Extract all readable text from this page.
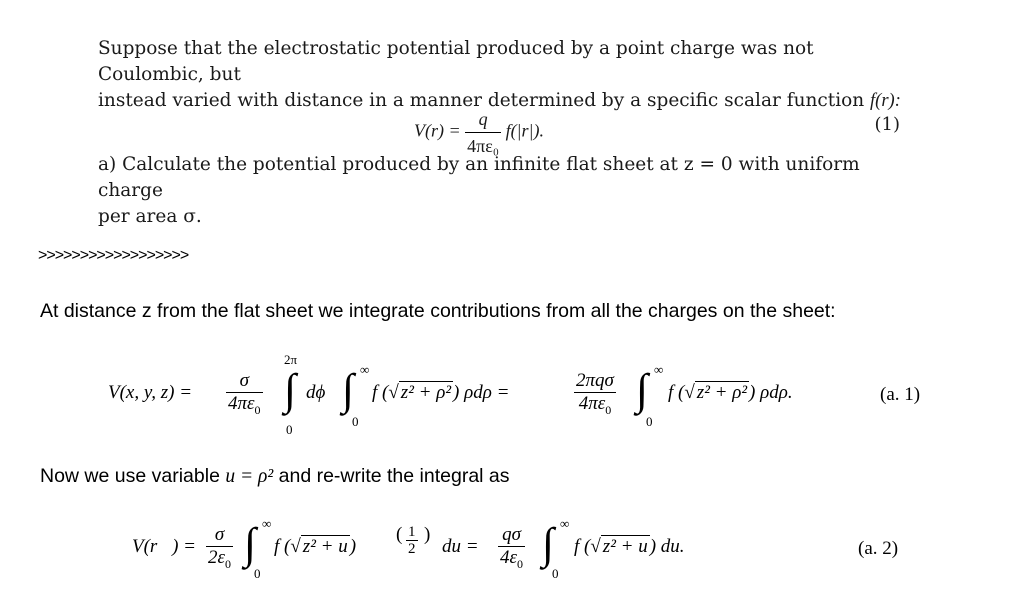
Suppose that the electrostatic potential produced by a point charge was not Coulombic, but

instead varied with distance in a manner determined by a specific scalar function f(r):

$V(r) = \frac{q}{\text{4πε₀}} f(|r|)$.	(1)

a) Calculate the potential produced by an infinite flat sheet at z = 0 with uniform charge

per area σ.

>>>>>>>>>>>>>>>>>>
At distance z from the flat sheet we integrate contributions from all the charges on the sheet:
V(x, y, $z) = \frac{\sigma}{4\pi\varepsilon_0}$ ∫
2π
0
dϕ ∫ ∞
0
f (√ z² + ρ² ) ρdρ =
2πqσ
$4\pi\varepsilon_0$ ∫ ∞
0
f (√ z² + ρ² ) ρdρ.	(a. 1)
Now we use variable u = ρ² and re-write the integral as
V(r⃗) = $\frac{\sigma}{2\varepsilon_0}$ ∫ ∞
0
f (√ z² + u )
( $\frac{1}{2}$ )
du = $\frac{q\sigma}{4\varepsilon_0}$ ∫ ∞
0
f (√ z² + u ) du.	(a. 2)
